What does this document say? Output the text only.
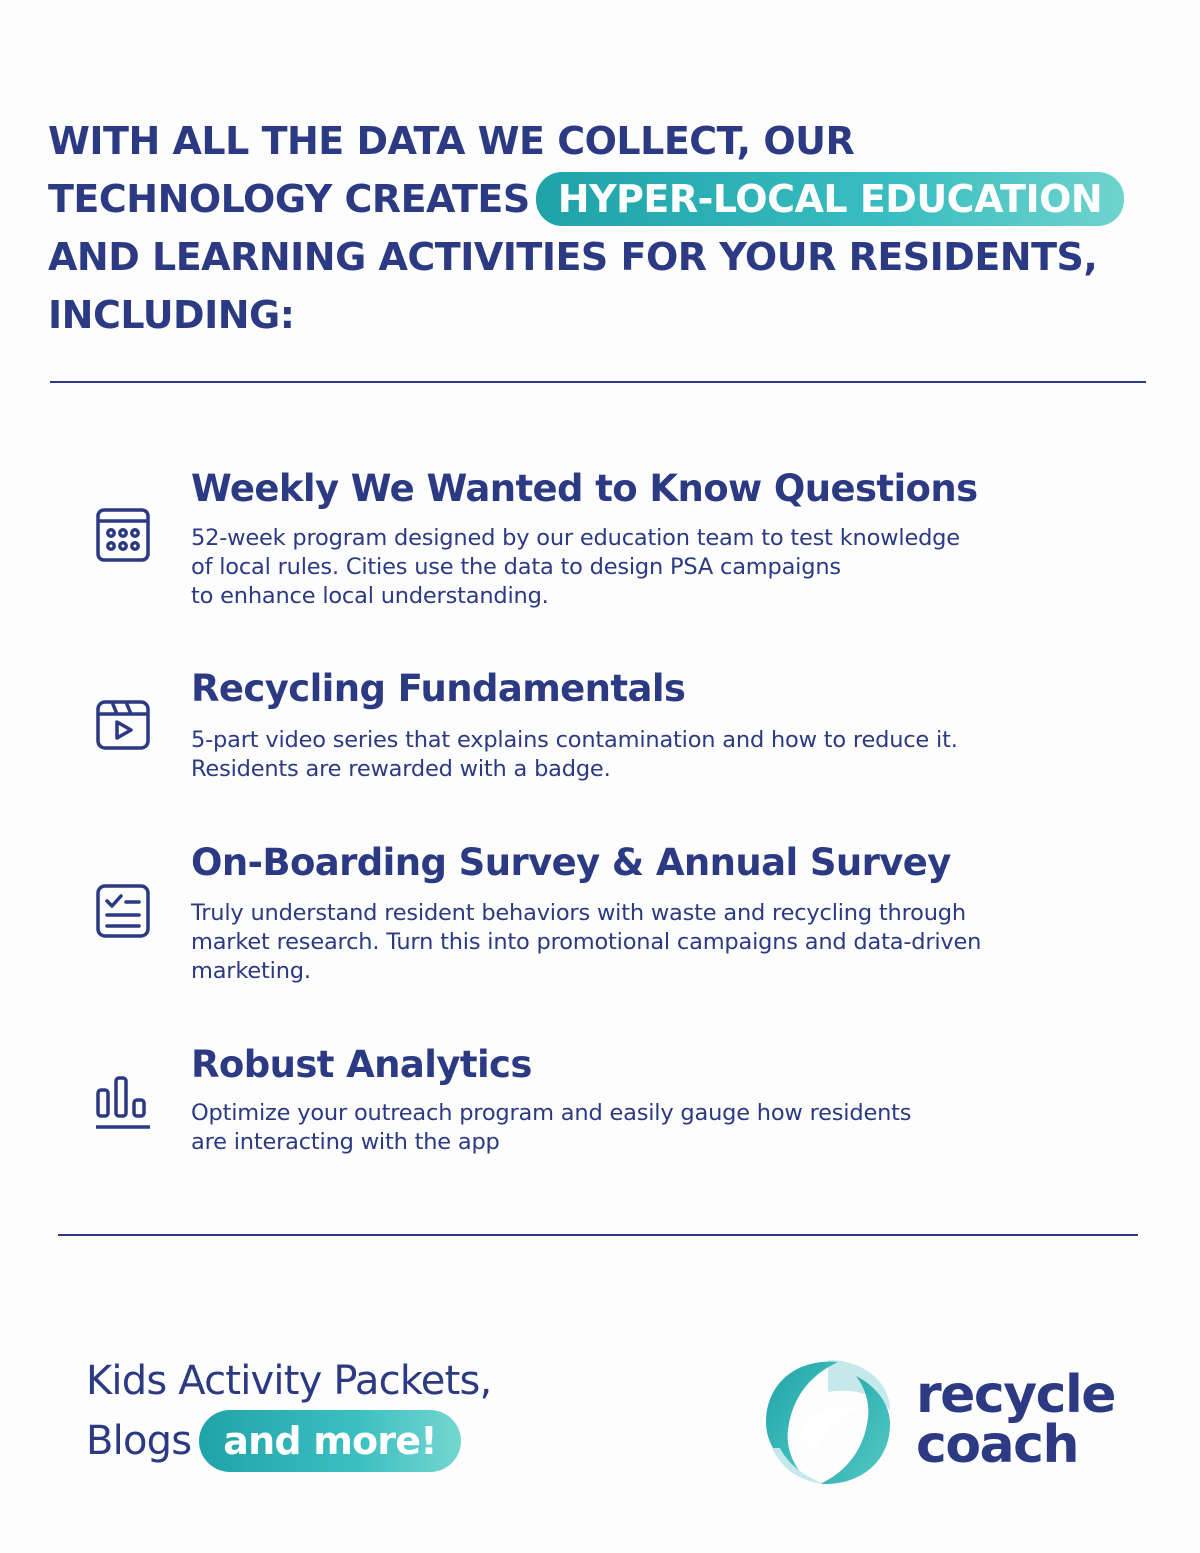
WITH ALL THE DATA WE COLLECT, OUR
TECHNOLOGY CREATES HYPER-LOCAL EDUCATION
AND LEARNING ACTIVITIES FOR YOUR RESIDENTS,
INCLUDING:
Weekly We Wanted to Know Questions

52-week program designed by our education team to test knowledge
of local rules. Cities use the data to design PSA campaigns
to enhance local understanding.

Recycling Fundamentals

5-part video series that explains contamination and how to reduce it.
Residents are rewarded with a badge.

On-Boarding Survey & Annual Survey

Truly understand resident behaviors with waste and recycling through
market research. Turn this into promotional campaigns and data-driven
marketing.

Robust Analytics

Optimize your outreach program and easily gauge how residents
are interacting with the app

Kids Activity Packets,
Blogs and more!
recycle
coach
